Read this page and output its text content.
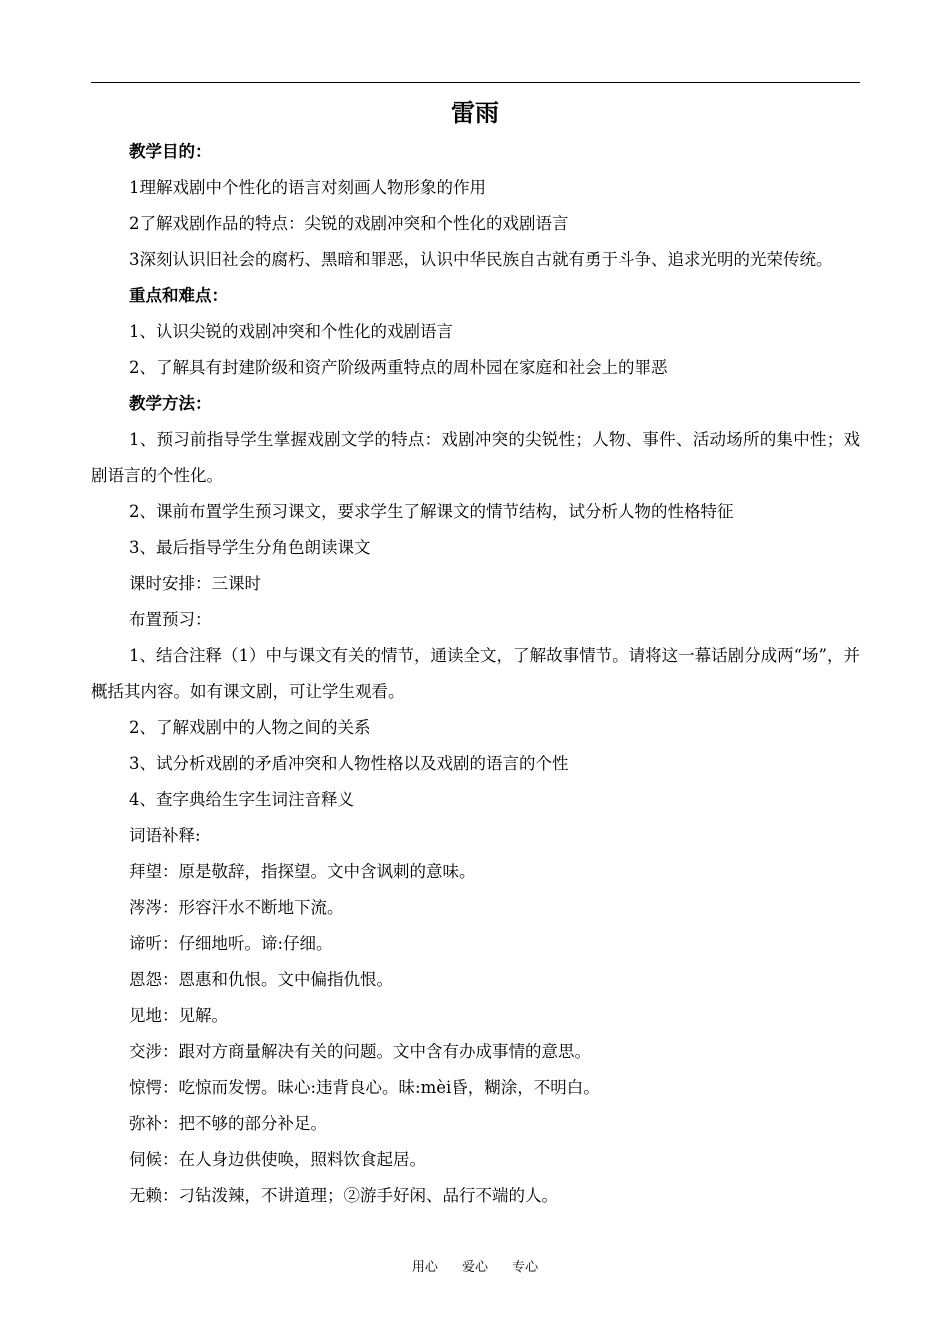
雷雨

教学目的：

1理解戏剧中个性化的语言对刻画人物形象的作用

2了解戏剧作品的特点：尖锐的戏剧冲突和个性化的戏剧语言

3深刻认识旧社会的腐朽、黑暗和罪恶，认识中华民族自古就有勇于斗争、追求光明的光荣传统。

重点和难点：

1、认识尖锐的戏剧冲突和个性化的戏剧语言

2、了解具有封建阶级和资产阶级两重特点的周朴园在家庭和社会上的罪恶

教学方法：

1、预习前指导学生掌握戏剧文学的特点：戏剧冲突的尖锐性；人物、事件、活动场所的集中性；戏剧语言的个性化。

2、课前布置学生预习课文，要求学生了解课文的情节结构，试分析人物的性格特征

3、最后指导学生分角色朗读课文

课时安排：三课时

布置预习：

1、结合注释（1）中与课文有关的情节，通读全文，了解故事情节。请将这一幕话剧分成两“场”，并概括其内容。如有课文剧，可让学生观看。

2、了解戏剧中的人物之间的关系

3、试分析戏剧的矛盾冲突和人物性格以及戏剧的语言的个性

4、查字典给生字生词注音释义

词语补释:

拜望：原是敬辞，指探望。文中含讽刺的意味。

涔涔：形容汗水不断地下流。

谛听：仔细地听。谛:仔细。

恩怨：恩惠和仇恨。文中偏指仇恨。

见地：见解。

交涉：跟对方商量解决有关的问题。文中含有办成事情的意思。

惊愕：吃惊而发愣。昧心:违背良心。昧:mèi昏，糊涂，不明白。

弥补：把不够的部分补足。

伺候：在人身边供使唤，照料饮食起居。

无赖：刁钻泼辣，不讲道理；②游手好闲、品行不端的人。

用心 爱心 专心
